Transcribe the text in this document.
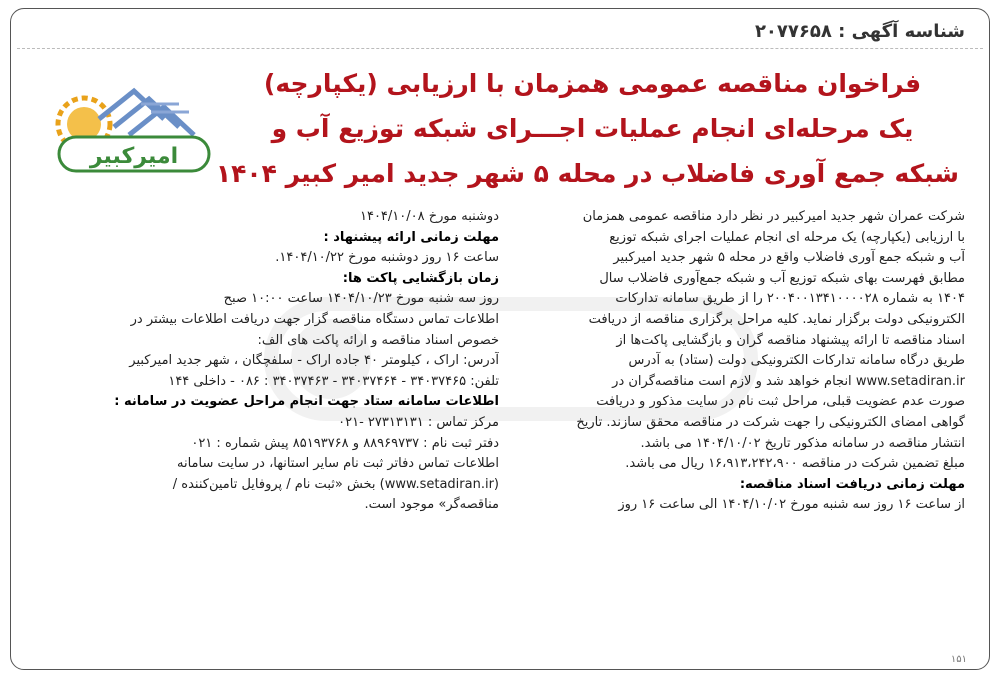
شناسه آگهی : ۲۰۷۷۶۵۸
امیرکبیر
فراخوان مناقصه عمومی همزمان با ارزیابی (یکپارچه)
یک مرحله‌ای انجام عملیات اجـــرای شبکه توزیع آب و
شبکه جمع آوری فاضلاب در محله ۵ شهر جدید امیر کبیر ۱۴۰۴

شرکت عمران شهر جدید امیرکبیر در نظر دارد مناقصه عمومی همزمان

با ارزیابی (یکپارچه) یک مرحله ای انجام عملیات اجرای شبکه توزیع

آب و شبکه جمع آوری فاضلاب واقع در محله ۵ شهر جدید امیرکبیر

مطابق فهرست بهای شبکه توزیع آب و شبکه جمع‌آوری فاضلاب سال

۱۴۰۴ به شماره ۲۰۰۴۰۰۱۳۴۱۰۰۰۰۲۸ را از طریق سامانه تدارکات

الکترونیکی دولت برگزار نماید. کلیه مراحل برگزاری مناقصه از دریافت

اسناد مناقصه تا ارائه پیشنهاد مناقصه گران و بازگشایی پاکت‌ها از

طریق درگاه سامانه تدارکات الکترونیکی دولت (ستاد) به آدرس

www.setadiran.ir انجام خواهد شد و لازم است مناقصه‌گران در

صورت عدم عضویت قبلی، مراحل ثبت نام در سایت مذکور و دریافت

گواهی امضای الکترونیکی را جهت شرکت در مناقصه محقق سازند. تاریخ

انتشار مناقصه در سامانه مذکور تاریخ ۱۴۰۴/۱۰/۰۲ می باشد.

مبلغ تضمین شرکت در مناقصه ۱۶،۹۱۳،۲۴۲،۹۰۰ ریال می باشد.

مهلت زمانی دریافت اسناد مناقصه:

از ساعت ۱۶ روز سه شنبه مورخ ۱۴۰۴/۱۰/۰۲ الی ساعت ۱۶ روز

دوشنبه مورخ ۱۴۰۴/۱۰/۰۸

مهلت زمانی ارائه پیشنهاد :

ساعت ۱۶ روز دوشنبه مورخ ۱۴۰۴/۱۰/۲۲.

زمان بازگشایی پاکت ها:

روز سه شنبه مورخ ۱۴۰۴/۱۰/۲۳ ساعت ۱۰:۰۰ صبح

اطلاعات تماس دستگاه مناقصه گزار جهت دریافت اطلاعات بیشتر در

خصوص اسناد مناقصه و ارائه پاکت های الف:

آدرس: اراک ، کیلومتر ۴۰ جاده اراک - سلفچگان ، شهر جدید امیرکبیر

تلفن: ۳۴۰۳۷۴۶۵ - ۳۴۰۳۷۴۶۴ - ۳۴۰۳۷۴۶۳ : ۰۸۶ - داخلی ۱۴۴

اطلاعات سامانه ستاد جهت انجام مراحل عضویت در سامانه :

مرکز تماس : ۲۷۳۱۳۱۳۱ -۰۲۱

دفتر ثبت نام : ۸۸۹۶۹۷۳۷ و ۸۵۱۹۳۷۶۸ پیش شماره : ۰۲۱

اطلاعات تماس دفاتر ثبت نام سایر استانها، در سایت سامانه

(www.setadiran.ir) بخش «ثبت نام / پروفایل تامین‌کننده /

مناقصه‌گر» موجود است.

۱۵۱
